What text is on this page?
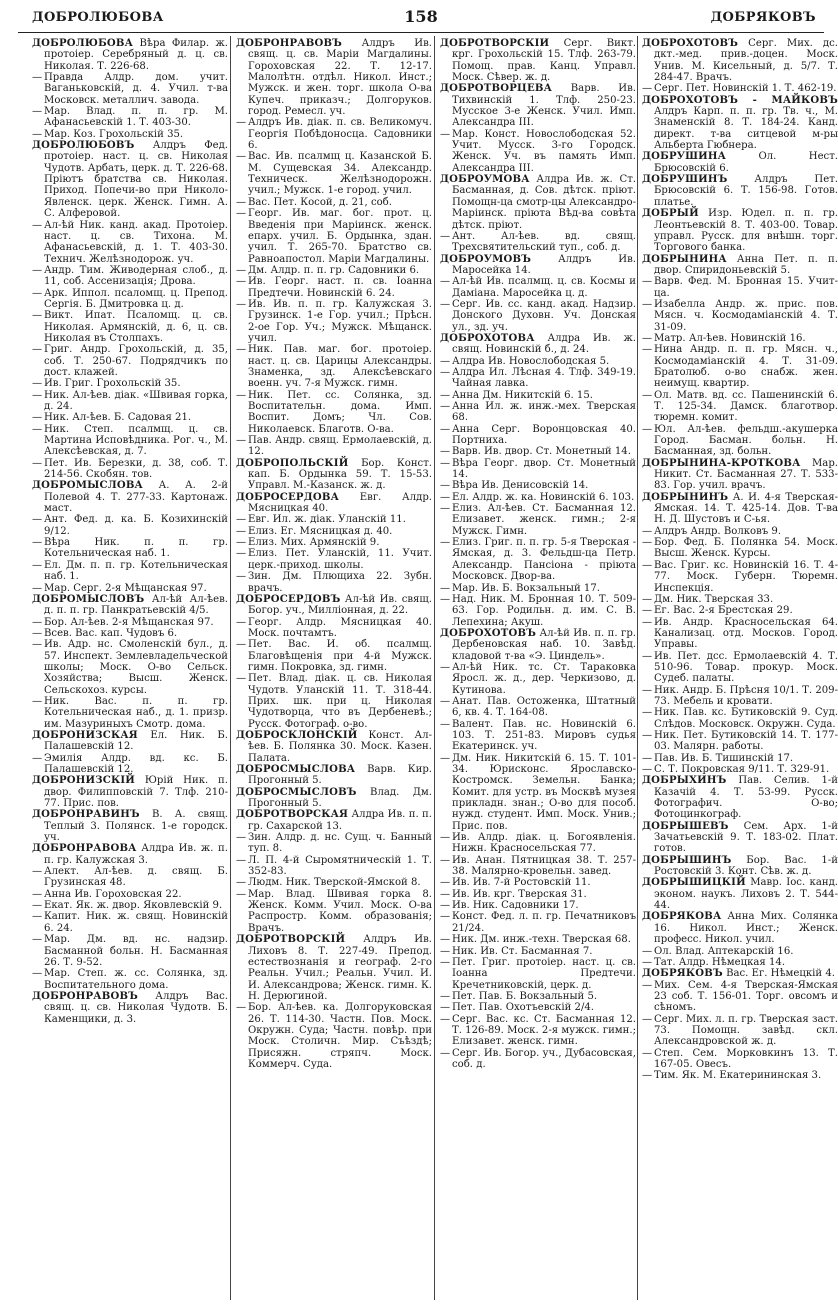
ДОБРОЛЮБОВА	158	ДОБРЯКОВЪ
ДОБРОЛЮБОВА Вѣра Филар. ж. протоіер. Серебряный д. ц. св. Николая. Т. 226-68.
— Правда Алдр. дом. учит. Ваганьковскій, д. 4. Учил. т-ва Московск. металлич. завода.
— Мар. Влад. п. п. гр. М. Афанасьевскій 1. Т. 403-30.
— Мар. Коз. Грохольскій 35.
ДОБРОЛЮБОВЪ Алдръ Фед. протоіер. наст. ц. св. Николая Чудотв. Арбать, церк. д. Т. 226-68. Пріютъ братства св. Николая. Приход. Попечи-во при Николо-Явленск. церк. Женск. Гимн. А. С. Алферовой.
— Ал-ѣй Ник. канд. акад. Протоіер. наст. ц. св. Тихона. М. Афанасьевскій, д. 1. Т. 403-30. Технич. Желѣзнодорож. уч.
— Андр. Тим. Живодерная слоб., д. 11, соб. Ассенизація; Дрова.
— Арк. Иппол. псаломщ. ц. Препод. Сергія. Б. Дмитровка ц. д.
— Викт. Ипат. Псаломщ. ц. св. Николая. Армянскій, д. 6, ц. св. Николая въ Столпахъ.
— Григ. Андр. Грохольскій, д. 35, соб. Т. 250-67. Подрядчикъ по дост. клажей.
— Ив. Григ. Грохольскій 35.
— Ник. Ал-ѣев. діак. «Швивая горка, д. 24.
— Ник. Ал-ѣев. Б. Садовая 21.
— Ник. Степ. псалмщ. ц. св. Мартина Исповѣдника. Рог. ч., М. Алексѣевская, д. 7.
— Пет. Ив. Березки, д. 38, соб. Т. 214-56. Скобян. тов.
ДОБРОМЫСЛОВА А. А. 2-й Полевой 4. Т. 277-33. Картонаж. маст.
— Ант. Фед. д. ка. Б. Козихинскій 9/12.
— Вѣра Ник. п. п. гр. Котельническая наб. 1.
— Ел. Дм. п. п. гр. Котельническая наб. 1.
— Мар. Серг. 2-я Мѣщанская 97.
ДОБРОМЫСЛОВЪ Ал-ѣй Ал-ѣев. д. п. п. гр. Панкратьевскій 4/5.
— Бор. Ал-ѣев. 2-я Мѣщанская 97.
— Всев. Вас. кап. Чудовъ 6.
— Ив. Адр. нс. Смоленскій бул., д. 57. Инспект. Землевладельческой школы; Моск. О-во Сельск. Хозяйства; Высш. Женск. Сельскохоз. курсы.
— Ник. Вас. п. п. гр. Котельническая наб., д. 1. призр. им. Мазуриныхъ Смотр. дома.
ДОБРОНИЗСКАЯ Ел. Ник. Б. Палашевскій 12.
— Эмилія Алдр. вд. кс. Б. Палашевскій 12.
ДОБРОНИЗСКІЙ Юрій Ник. п. двор. Филипповскій 7. Тлф. 210-77. Прис. пов.
ДОБРОНРАВИНЪ В. А. свящ. Теплый 3. Полянск. 1-е городск. уч.
ДОБРОНРАВОВА Алдра Ив. ж. п. п. гр. Калужская 3.
— Алект. Ал-ѣев. д. свящ. Б. Грузинская 48.
— Анна Ив. Гороховская 22.
— Екат. Як. ж. двор. Яковлевскій 9.
— Капит. Ник. ж. свящ. Новинскій 6. 24.
— Мар. Дм. вд. нс. надзир. Басманной больн. Н. Басманная 26. Т. 9-52.
— Мар. Степ. ж. сс. Солянка, зд. Воспитательного дома.
ДОБРОНРАВОВЪ Алдръ Вас. свящ. ц. св. Николая Чудотв. Б. Каменщики, д. 3.
ДОБРОНРАВОВЪ Алдръ Ив. свящ. ц. св. Маріи Магдалины. Гороховская 22. Т. 12-17. Малолѣтн. отдѣл. Никол. Инст.; Мужск. и жен. торг. школа О-ва Купеч. приказч.; Долгоруков. город. Ремесл. уч.
— Алдръ Ив. діак. п. св. Великомуч. Георгія Побѣдоносца. Садовники 6.
— Вас. Ив. псалмщ ц. Казанской Б. М. Сущевская 34. Александр. Техническ. Желѣзнодорожн. учил.; Мужск. 1-е город. учил.
— Вас. Пет. Косой, д. 21, соб.
— Георг. Ив. маг. бог. прот. ц. Введенія при Маріинск. женск. епарх. учил. Б. Ордынка, здан. учил. Т. 265-70. Братство св. Равноапостол. Маріи Магдалины.
— Дм. Алдр. п. п. гр. Садовники 6.
— Ив. Георг. наст. п. св. Іоанна Предтечи. Новинскій 6. 24.
— Ив. Ив. п. п. гр. Калужская 3. Грузинск. 1-е Гор. учил.; Прѣсн. 2-ое Гор. Уч.; Мужск. Мѣщанск. учил.
— Ник. Пав. маг. бог. протоіер. наст. ц. св. Царицы Александры. Знаменка, зд. Алексѣевскаго военн. уч. 7-я Мужск. гимн.
— Ник. Пет. сс. Солянка, зд. Воспитательн. дома. Имп. Воспит. Домъ; Чл. Сов. Николаевск. Благотв. О-ва.
— Пав. Андр. свящ. Ермолаевскій, д. 12.
ДОБРОПОЛЬСКІЙ Бор. Конст. кап. Б. Ордынка 59. Т. 15-53. Управл. М.-Казанск. ж. д.
ДОБРОСЕРДОВА Евг. Алдр. Мясницкая 40.
— Евг. Ил. ж. діак. Уланскій 11.
— Елиз. Ег. Мясницкая д. 40.
— Елиз. Мих. Армянскій 9.
— Елиз. Пет. Уланскій, 11. Учит. церк.-приход. школы.
— Зин. Дм. Плющиха 22. Зубн. врачъ.
ДОБРОСЕРДОВЪ Ал-ѣй Ив. свящ. Богор. уч., Милліонная, д. 22.
— Георг. Алдр. Мясницкая 40. Моск. почтамтъ.
— Пет. Вас. И. об. псалмщ. Благовѣщенія при 4-й Мужск. гимн. Покровка, зд. гимн.
— Пет. Влад. діак. ц. св. Николая Чудотв. Уланскій 11. Т. 318-44. Прих. шк. при ц. Николая Чудотворца, что въ Дербеневѣ.; Русск. Фотограф. о-во.
ДОБРОСКЛОНСКІЙ Конст. Ал-ѣев. Б. Полянка 30. Моск. Казен. Палата.
ДОБРОСМЫСЛОВА Варв. Кир. Прогонный 5.
ДОБРОСМЫСЛОВЪ Влад. Дм. Прогонный 5.
ДОБРОТВОРСКАЯ Алдра Ив. п. п. гр. Сахарской 13.
— Зин. Алдр. д. нс. Сущ. ч. Банный туп. 8.
— Л. П. 4-й Сыромятническій 1. Т. 352-83.
— Людм. Ник. Тверской-Ямской 8.
— Мар. Влад. Швивая горка 8. Женск. Комм. Учил. Моск. О-ва Распростр. Комм. образованія; Врачъ.
ДОБРОТВОРСКІЙ Алдръ Ив. Лиховъ 8. Т. 227-49. Препод. естествознанія и географ. 2-го Реальн. Учил.; Реальн. Учил. И. И. Александрова; Женск. гимн. К. Н. Дерюгиной.
— Бор. Ал-ѣев. ка. Долгоруковская 26. Т. 114-30. Частн. Пов. Моск. Окружн. Суда; Частн. повѣр. при Моск. Столичн. Мир. Съѣздѣ; Присяжн. стряпч. Моск. Коммерч. Суда.
ДОБРОТВОРСКІЙ Серг. Викт. крг. Грохольскій 15. Тлф. 263-79. Помощ. прав. Канц. Управл. Моск. Сѣвер. ж. д.
ДОБРОТВОРЦЕВА Варв. Ив. Тихвинскій 1. Тлф. 250-23. Мусское 3-е Женск. Учил. Имп. Александра III.
— Мар. Конст. Новослободская 52. Учит. Мусск. 3-го Городск. Женск. Уч. въ память Имп. Александра III.
ДОБРОУМОВА Алдра Ив. ж. Ст. Басманная, д. Сов. дѣтск. пріют. Помощн-ца смотр-цы Александро-Маріинск. пріюта Вѣд-ва совѣта дѣтск. пріют.
— Ант. Ал-ѣев. вд. свящ. Трехсвятительский туп., соб. д.
ДОБРОУМОВЪ Алдръ Ив. Маросейка 14.
— Ал-ѣй Ив. псалмщ. ц. св. Космы и Даміана. Маросейка ц. д.
— Серг. Ив. сс. канд. акад. Надзир. Донского Духовн. Уч. Донская ул., зд. уч.
ДОБРОХОТОВА Алдра Ив. ж. свящ. Новинскій б., д. 24.
— Алдра Ив. Новослободская 5.
— Алдра Ил. Лѣсная 4. Тлф. 349-19. Чайная лавка.
— Анна Дм. Никитскій 6. 15.
— Анна Ил. ж. инж.-мех. Тверская 68.
— Анна Серг. Воронцовская 40. Портниха.
— Варв. Ив. двор. Ст. Монетный 14.
— Вѣра Георг. двор. Ст. Монетный 14.
— Вѣра Ив. Денисовскій 14.
— Ел. Алдр. ж. ка. Новинскій 6. 103.
— Елиз. Ал-ѣев. Ст. Басманная 12. Елизавет. женск. гимн.; 2-я Мужск. Гимн.
— Елиз. Григ. п. п. гр. 5-я Тверская - Ямская, д. 3. Фельдш-ца Петр. Александр. Пансіона - пріюта Московск. Двор-ва.
— Мар. Ив. Б. Вокзальный 17.
— Над. Ник. М. Бронная 10. Т. 509-63. Гор. Родильн. д. им. С. В. Лепехина; Акуш.
ДОБРОХОТОВЪ Ал-ѣй Ив. п. п. гр. Дербеновская наб. 10. Завѣд. кладовой т-ва «Э. Циндель».
— Ал-ѣй Ник. тс. Ст. Тараковка Яросл. ж. д., дер. Черкизово, д. Кутинова.
— Анат. Пав. Остоженка, Штатный 6, кв. 4. Т. 164-08.
— Валент. Пав. нс. Новинскій 6. 103. Т. 251-83. Мировъ судья Екатеринск. уч.
— Дм. Ник. Никитскій 6. 15. Т. 101-34. Юрисконс. Ярославско-Костромск. Земельн. Банка; Комит. для устр. въ Москвѣ музея прикладн. знан.; О-во для пособ. нужд. студент. Имп. Моск. Унив.; Прис. пов.
— Ив. Алдр. діак. ц. Богоявленія. Нижн. Красносельская 77.
— Ив. Анан. Пятницкая 38. Т. 257-38. Малярно-кровельн. завед.
— Ив. Ив. 7-й Ростовскій 11.
— Ив. Ив. крг. Тверская 31.
— Ив. Ник. Садовники 17.
— Конст. Фед. л. п. гр. Печатниковъ 21/24.
— Ник. Дм. инж.-техн. Тверская 68.
— Ник. Ив. Ст. Басманная 7.
— Пет. Григ. протоіер. наст. ц. св. Іоанна Предтечи. Кречетниковскій, церк. д.
— Пет. Пав. Б. Вокзальный 5.
— Пет. Пав. Охотъевскій 2/4.
— Серг. Вас. кс. Ст. Басманная 12. Т. 126-89. Моск. 2-я мужск. гимн.; Елизавет. женск. гимн.
— Серг. Ив. Богор. уч., Дубасовская, соб. д.
ДОБРОХОТОВЪ Серг. Мих. дс. дкт.-мед. прив.-доцен. Моск. Унив. М. Кисельный, д. 5/7. Т. 284-47. Врачъ.
— Серг. Пет. Новинскій 1. Т. 462-19.
ДОБРОХОТОВЪ - МАЙКОВЪ Алдръ Карп. п. п. гр. Тв. ч., М. Знаменскій 8. Т. 184-24. Канд. директ. т-ва ситцевой м-ры Альберта Гюбнера.
ДОБРУШИНА Ол. Нест. Брюсовскій 6.
ДОБРУШИНЪ Алдръ Пет. Брюсовскій 6. Т. 156-98. Готов. платье.
ДОБРЫЙ Изр. Юдел. п. п. гр. Леонтьевскій 8. Т. 403-00. Товар. управл. Русск. для внѣшн. торг. Торгового банка.
ДОБРЫНИНА Анна Пет. п. п. двор. Спиридоньевскій 5.
— Варв. Фед. М. Бронная 15. Учит-ца.
— Изабелла Андр. ж. прис. пов. Мясн. ч. Космодаміанскій 4. Т. 31-09.
— Матр. Ал-ѣев. Новинскій 16.
— Нина Андр. п. п. гр. Мясн. ч., Космодаміанскій 4. Т. 31-09. Братолюб. о-во снабж. жен. неимущ. квартир.
— Ол. Матв. вд. сс. Пашенинскій 6. Т. 125-34. Дамск. благотвор. тюремн. комит.
— Юл. Ал-ѣев. фельдш.-акушерка Город. Басман. больн. Н. Басманная, зд. больн.
ДОБРЫНИНА-КРОТКОВА Мар. Никит. Ст. Басманная 27. Т. 533-83. Гор. учил. врачъ.
ДОБРЫНИНЪ А. И. 4-я Тверская-Ямская. 14. Т. 425-14. Дов. Т-ва Н. Д. Шустовъ и С-ья.
— Алдръ Андр. Волковъ 9.
— Бор. Фед. Б. Полянка 54. Моск. Высш. Женск. Курсы.
— Вас. Григ. кс. Новинскій 16. Т. 4-77. Моск. Губерн. Тюремн. Инспекція.
— Дм. Ник. Тверская 33.
— Ег. Вас. 2-я Брестская 29.
— Ив. Андр. Красносельская 64. Канализац. отд. Москов. Город. Управы.
— Ив. Пет. дсс. Ермолаевскій 4. Т. 510-96. Товар. прокур. Моск. Судеб. палаты.
— Ник. Андр. Б. Прѣсня 10/1. Т. 209-73. Мебель и кровати.
— Ник. Пав. кс. Бутиковскій 9. Суд. Слѣдов. Московск. Окружн. Суда.
— Ник. Пет. Бутиковскій 14. Т. 177-03. Малярн. работы.
— Пав. Ив. Б. Тишинскій 17.
— С. Т. Покровская 9/11. Т. 329-91.
ДОБРЫХИНЪ Пав. Селив. 1-й Казачій 4. Т. 53-99. Русск. Фотографич. О-во; Фотоцинкограф.
ДОБРЫШЕВЪ Сем. Арх. 1-й Зачатьевскій 9. Т. 183-02. Плат. готов.
ДОБРЫШИНЪ Бор. Вас. 1-й Ростовскій 3. Конт. Сѣв. ж. д.
ДОБРЫШИЦКІЙ Мавр. Іос. канд. эконом. наукъ. Лиховъ 2. Т. 544-44.
ДОБРЯКОВА Анна Мих. Солянка 16. Никол. Инст.; Женск. професс. Никол. учил.
— Ол. Влад. Аптекарскій 16.
— Тат. Алдр. Нѣмецкая 14.
ДОБРЯКОВЪ Вас. Ег. Нѣмецкій 4.
— Мих. Сем. 4-я Тверская-Ямская 23 соб. Т. 156-01. Торг. овсомъ и сѣномъ.
— Серг. Мих. л. п. гр. Тверская заст. 73. Помощн. завѣд. скл. Александровской ж. д.
— Степ. Сем. Морковкинъ 13. Т. 167-05. Овесъ.
— Тим. Як. М. Екатерининская 3.
